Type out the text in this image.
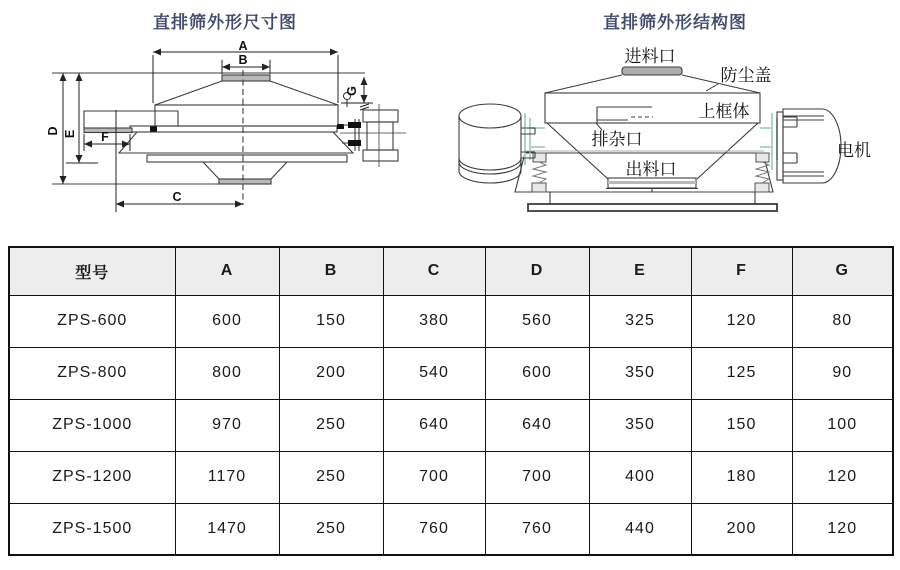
直排筛外形尺寸图	直排筛外形结构图
A
B
C
D E F
G
进料口
防尘盖
上框体
排杂口
出料口
电机
型号	A	B	C	D	E	F	G
ZPS-600	600	150	380	560	325	120	80
ZPS-800	800	200	540	600	350	125	90
ZPS-1000	970	250	640	640	350	150	100
ZPS-1200	1170	250	700	700	400	180	120
ZPS-1500	1470	250	760	760	440	200	120
